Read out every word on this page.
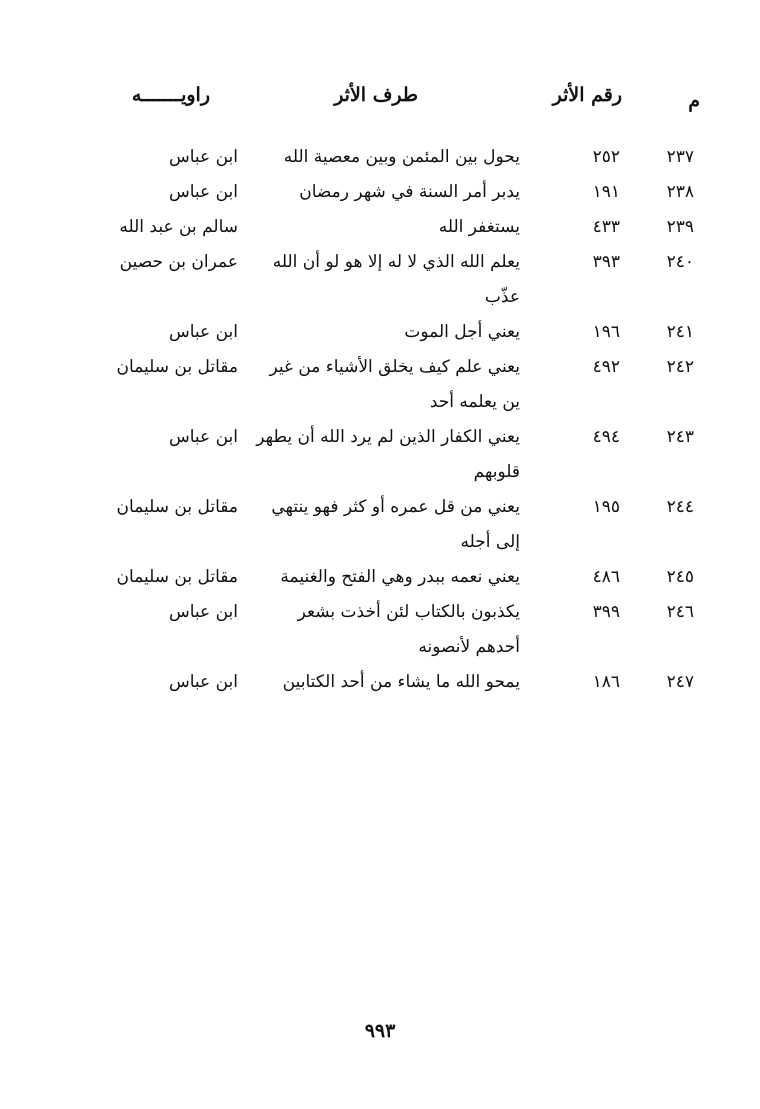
م
رقم الأثر
طرف الأثر
راويـــــــه
٢٣٧
٢٥٢
يحول بين المئمن وبين معصية الله
ابن عباس
٢٣٨
١٩١
يدبر أمر السنة في شهر رمضان
ابن عباس
٢٣٩
٤٣٣
يستغفر الله
سالم بن عبد الله
٢٤٠
٣٩٣
يعلم الله الذي لا له إلا هو لو أن الله عذّب
عمران بن حصين
٢٤١
١٩٦
يعني أجل الموت
ابن عباس
٢٤٢
٤٩٢
يعني علم كيف يخلق الأشياء من غير ين يعلمه أحد
مقاتل بن سليمان
٢٤٣
٤٩٤
يعني الكفار الذين لم يرد الله أن يطهر قلوبهم
ابن عباس
٢٤٤
١٩٥
يعني من قل عمره أو كثر فهو ينتهي إلى أجله
مقاتل بن سليمان
٢٤٥
٤٨٦
يعني نعمه ببدر وهي الفتح والغنيمة
مقاتل بن سليمان
٢٤٦
٣٩٩
يكذبون بالكتاب لئن أخذت بشعر أحدهم لأنصونه
ابن عباس
٢٤٧
١٨٦
يمحو الله ما يشاء من أحد الكتابين
ابن عباس
٩٩٣
